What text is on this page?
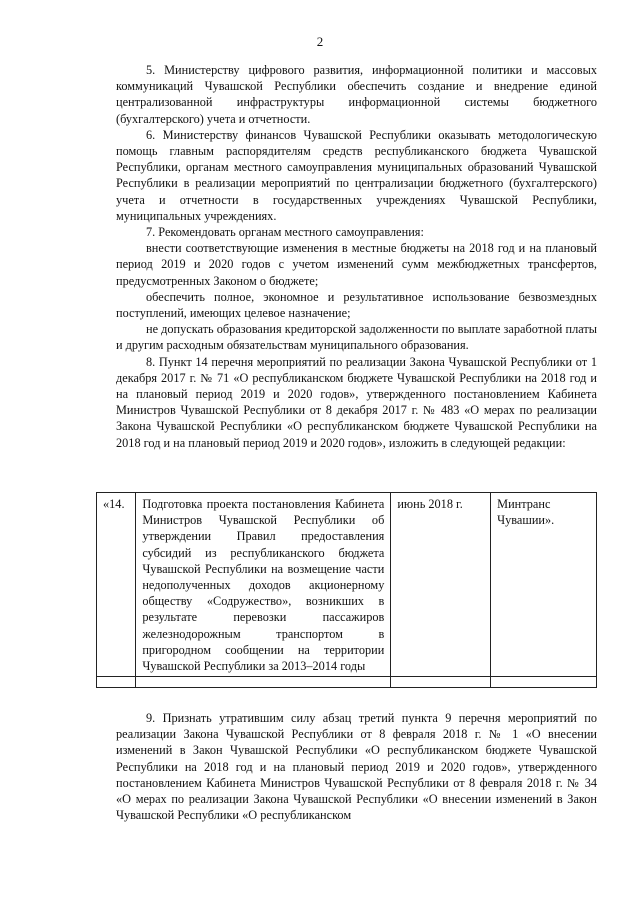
2

5. Министерству цифрового развития, информационной политики и массовых коммуникаций Чувашской Республики обеспечить создание и внедрение единой централизованной инфраструктуры информационной системы бюджетного (бухгалтерского) учета и отчетности.

6. Министерству финансов Чувашской Республики оказывать методологическую помощь главным распорядителям средств республиканского бюджета Чувашской Республики, органам местного самоуправления муниципальных образований Чувашской Республики в реализации мероприятий по централизации бюджетного (бухгалтерского) учета и отчетности в государственных учреждениях Чувашской Республики, муниципальных учреждениях.

7. Рекомендовать органам местного самоуправления:

внести соответствующие изменения в местные бюджеты на 2018 год и на плановый период 2019 и 2020 годов с учетом изменений сумм межбюджетных трансфертов, предусмотренных Законом о бюджете;

обеспечить полное, экономное и результативное использование безвозмездных поступлений, имеющих целевое назначение;

не допускать образования кредиторской задолженности по выплате заработной платы и другим расходным обязательствам муниципального образования.

8. Пункт 14 перечня мероприятий по реализации Закона Чувашской Республики от 1 декабря 2017 г. № 71 «О республиканском бюджете Чувашской Республики на 2018 год и на плановый период 2019 и 2020 годов», утвержденного постановлением Кабинета Министров Чувашской Республики от 8 декабря 2017 г. № 483 «О мерах по реализации Закона Чувашской Республики «О республиканском бюджете Чувашской Республики на 2018 год и на плановый период 2019 и 2020 годов», изложить в следующей редакции:

«14.	Подготовка проекта постановления Кабинета Министров Чувашской Республики об утверждении Правил предоставления субсидий из республиканского бюджета Чувашской Республики на возмещение части недополученных доходов акционерному обществу «Содружество», возникших в результате перевозки пассажиров железнодорожным транспортом в пригородном сообщении на территории Чувашской Республики за 2013–2014 годы	июнь 2018 г.	Минтранс Чувашии».

9. Признать утратившим силу абзац третий пункта 9 перечня мероприятий по реализации Закона Чувашской Республики от 8 февраля 2018 г. № 1 «О внесении изменений в Закон Чувашской Республики «О республиканском бюджете Чувашской Республики на 2018 год и на плановый период 2019 и 2020 годов», утвержденного постановлением Кабинета Министров Чувашской Республики от 8 февраля 2018 г. № 34 «О мерах по реализации Закона Чувашской Республики «О внесении изменений в Закон Чувашской Республики «О республиканском
